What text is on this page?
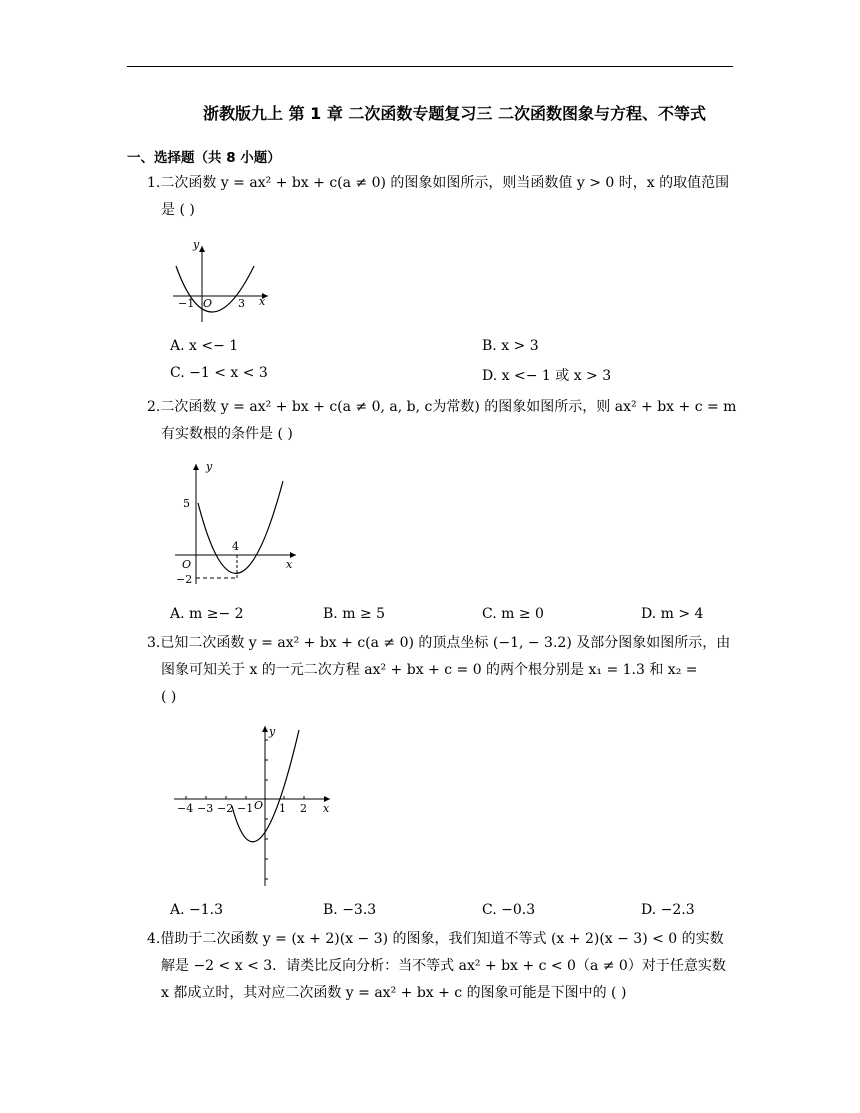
浙教版九上 第 1 章 二次函数专题复习三 二次函数图象与方程、不等式
一、选择题（共 8 小题）
1.二次函数 y = ax² + bx + c(a ≠ 0) 的图象如图所示，则当函数值 y > 0 时，x 的取值范围
是 ( )
y
x
O
−1	3
A. x <− 1	B. x > 3
C. −1 < x < 3	D. x <− 1 或 x > 3
2.二次函数 y = ax² + bx + c(a ≠ 0, a, b, c为常数) 的图象如图所示，则 ax² + bx + c = m
有实数根的条件是 ( )
y
x
O
5
4
−2
A. m ≥− 2	B. m ≥ 5	C. m ≥ 0	D. m > 4
3.已知二次函数 y = ax² + bx + c(a ≠ 0) 的顶点坐标 (−1, − 3.2) 及部分图象如图所示，由
图象可知关于 x 的一元二次方程 ax² + bx + c = 0 的两个根分别是 x₁ = 1.3 和 x₂ =
( )
y
x
O
−4 −3 −2 −1 1 2
A. −1.3	B. −3.3	C. −0.3	D. −2.3
4.借助于二次函数 y = (x + 2)(x − 3) 的图象，我们知道不等式 (x + 2)(x − 3) < 0 的实数
解是 −2 < x < 3．请类比反向分析：当不等式 ax² + bx + c < 0（a ≠ 0）对于任意实数
x 都成立时，其对应二次函数 y = ax² + bx + c 的图象可能是下图中的 ( )
